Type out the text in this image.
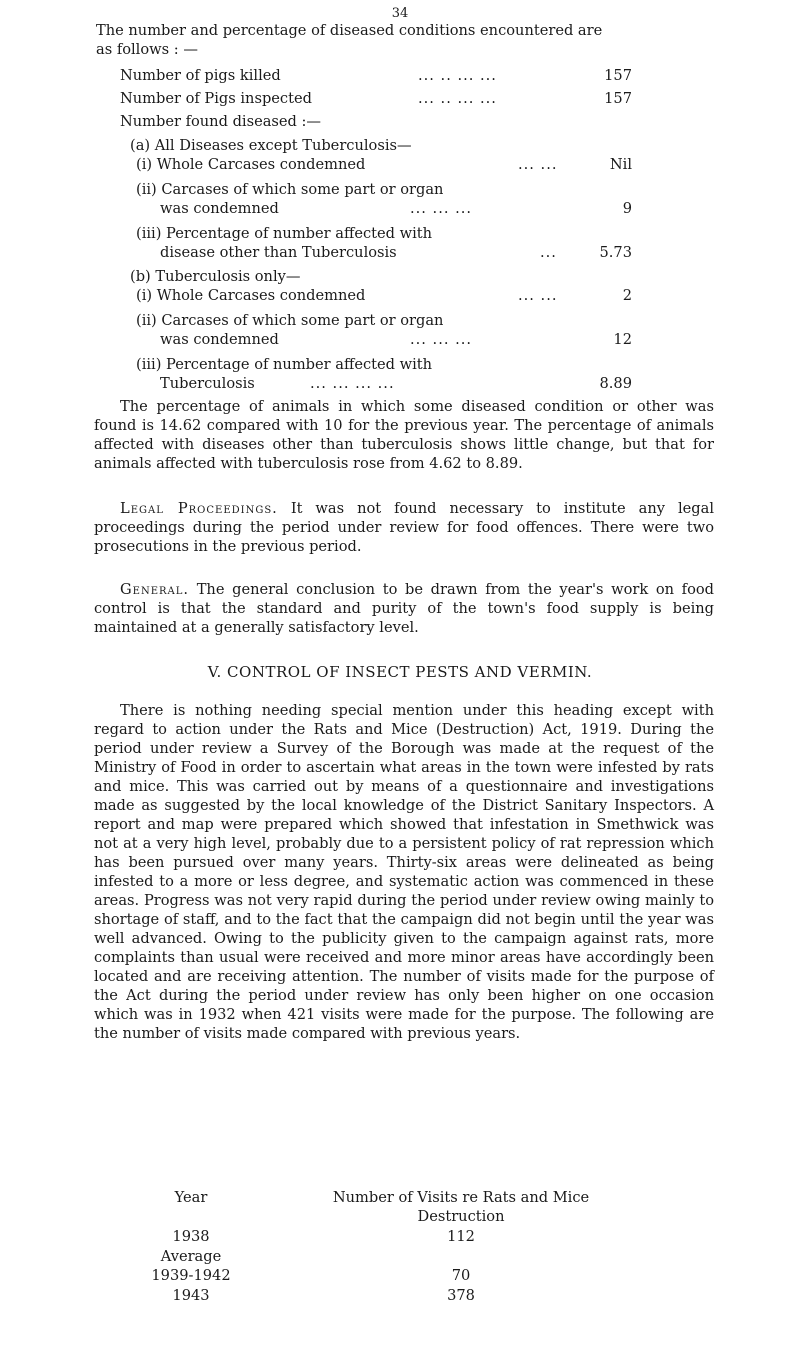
34
The number and percentage of diseased conditions encountered are
as follows : —
Number of pigs killed	... .. ... ...	157
Number of Pigs inspected	... .. ... ...	157
Number found diseased :—
(a) All Diseases except Tuberculosis—
(i) Whole Carcases condemned	... ...	Nil
(ii) Carcases of which some part or organ
was condemned	... ... ...	9
(iii) Percentage of number affected with
disease other than Tuberculosis	...	5.73
(b) Tuberculosis only—
(i) Whole Carcases condemned	... ...	2
(ii) Carcases of which some part or organ
was condemned	... ... ...	12
(iii) Percentage of number affected with
Tuberculosis	... ... ... ...	8.89

The percentage of animals in which some diseased condition or other was found is 14.62 compared with 10 for the previous year. The percentage of animals affected with diseases other than tuberculosis shows little change, but that for animals affected with tuberculosis rose from 4.62 to 8.89.

Legal Proceedings. It was not found necessary to institute any legal proceedings during the period under review for food offences. There were two prosecutions in the previous period.

General. The general conclusion to be drawn from the year's work on food control is that the standard and purity of the town's food supply is being maintained at a generally satisfactory level.

V. CONTROL OF INSECT PESTS AND VERMIN.

There is nothing needing special mention under this heading except with regard to action under the Rats and Mice (Destruction) Act, 1919. During the period under review a Survey of the Borough was made at the request of the Ministry of Food in order to ascertain what areas in the town were infested by rats and mice. This was carried out by means of a questionnaire and investigations made as suggested by the local knowledge of the District Sanitary Inspectors. A report and map were prepared which showed that infestation in Smethwick was not at a very high level, probably due to a persistent policy of rat repression which has been pursued over many years. Thirty-six areas were delineated as being infested to a more or less degree, and systematic action was commenced in these areas. Progress was not very rapid during the period under review owing mainly to shortage of staff, and to the fact that the campaign did not begin until the year was well advanced. Owing to the publicity given to the campaign against rats, more complaints than usual were received and more minor areas have accordingly been located and are receiving attention. The number of visits made for the purpose of the Act during the period under review has only been higher on one occasion which was in 1932 when 421 visits were made for the purpose. The following are the number of visits made compared with previous years.

Year	Number of Visits re Rats and Mice
Destruction
1938	112
Average
1939-1942	70
1943	378
